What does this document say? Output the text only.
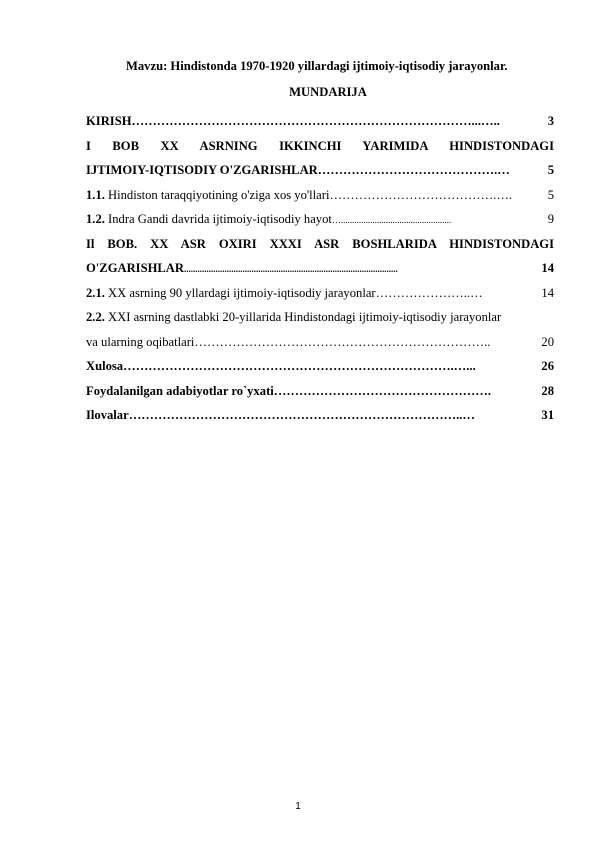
Mavzu: Hindistonda 1970-1920 yillardagi ijtimoiy-iqtisodiy jarayonlar.
MUNDARIJA
KIRISH ………………………………………………………………………...…..	3
I BOB XX ASRNING IKKINCHI YARIMIDA HINDISTONDAGI
IJTIMOIY-IQTISODIY O'ZGARISHLAR …………………………………….…	5
1.1. Hindiston taraqqiyotining o'ziga xos yo'llari ………………………………….….	5
1.2. Indra Gandi davrida ijtimoiy-iqtisodiy hayot ….................................................	9
Il BOB. XX ASR OXIRI XXXI ASR BOSHLARIDA HINDISTONDAGI
O'ZGARISHLAR ...............................................................................................	14
2.1. XX asrning 90 yllardagi ijtimoiy-iqtisodiy jarayonlar …………………..…	14
2.2. XXI asrning dastlabki 20-yillarida Hindistondagi ijtimoiy-iqtisodiy jarayonlar
va ularning oqibatlari ……………………………………………………………..	20
Xulosa …………………………………………………………………….…...	26
Foydalanilgan adabiyotlar ro`yxati …………………………………………….	28
Ilovalar ……………………………………………………………………..…	31
1
